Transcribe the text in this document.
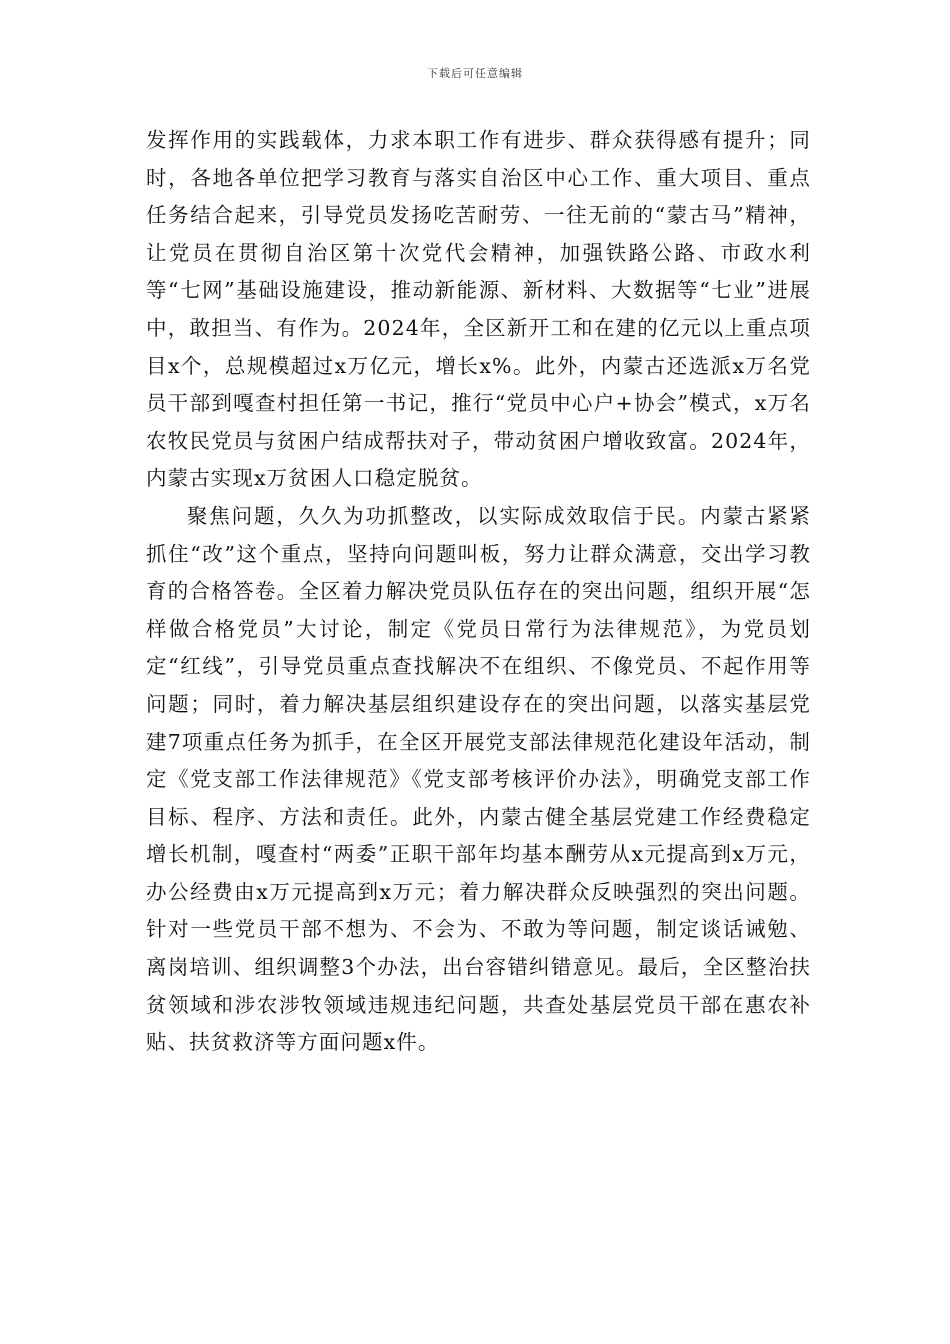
下载后可任意编辑

发挥作用的实践载体，力求本职工作有进步、群众获得感有提升；同时，各地各单位把学习教育与落实自治区中心工作、重大项目、重点任务结合起来，引导党员发扬吃苦耐劳、一往无前的“蒙古马”精神，让党员在贯彻自治区第十次党代会精神，加强铁路公路、市政水利等“七网”基础设施建设，推动新能源、新材料、大数据等“七业”进展中，敢担当、有作为。2024年，全区新开工和在建的亿元以上重点项目x个，总规模超过x万亿元，增长x%。此外，内蒙古还选派x万名党员干部到嘎查村担任第一书记，推行“党员中心户+协会”模式，x万名农牧民党员与贫困户结成帮扶对子，带动贫困户增收致富。2024年，内蒙古实现x万贫困人口稳定脱贫。

聚焦问题，久久为功抓整改，以实际成效取信于民。内蒙古紧紧抓住“改”这个重点，坚持向问题叫板，努力让群众满意，交出学习教育的合格答卷。全区着力解决党员队伍存在的突出问题，组织开展“怎样做合格党员”大讨论，制定《党员日常行为法律规范》，为党员划定“红线”，引导党员重点查找解决不在组织、不像党员、不起作用等问题；同时，着力解决基层组织建设存在的突出问题，以落实基层党建7项重点任务为抓手，在全区开展党支部法律规范化建设年活动，制定《党支部工作法律规范》《党支部考核评价办法》，明确党支部工作目标、程序、方法和责任。此外，内蒙古健全基层党建工作经费稳定增长机制，嘎查村“两委”正职干部年均基本酬劳从x元提高到x万元，办公经费由x万元提高到x万元；着力解决群众反映强烈的突出问题。针对一些党员干部不想为、不会为、不敢为等问题，制定谈话诫勉、离岗培训、组织调整3个办法，出台容错纠错意见。最后，全区整治扶贫领域和涉农涉牧领域违规违纪问题，共查处基层党员干部在惠农补贴、扶贫救济等方面问题x件。
